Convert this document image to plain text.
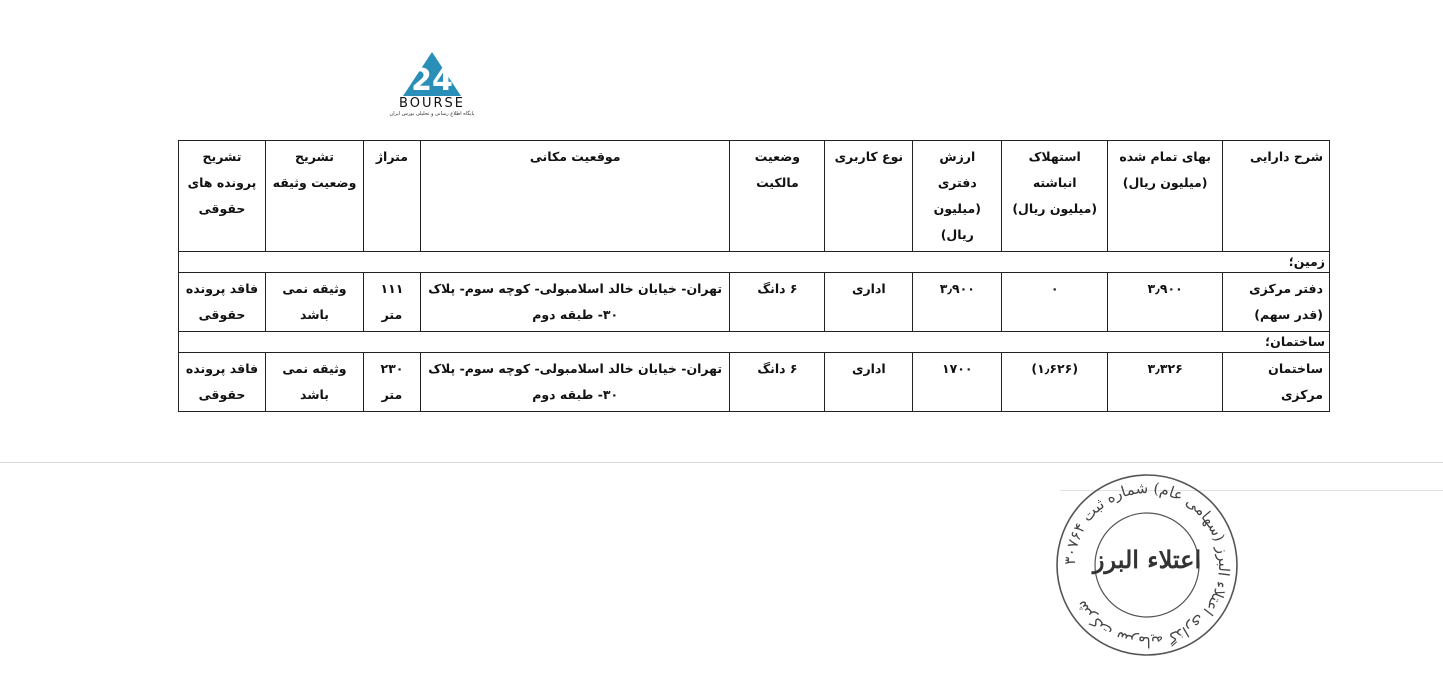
24
BOURSE
پایگاه اطلاع رسانی و تحلیلی بورس ایران
شرح دارایی	بهای تمام شده (میلیون ریال)	استهلاک انباشته (میلیون ریال)	ارزش دفتری (میلیون ریال)	نوع کاربری	وضعیت مالکیت	موقعیت مکانی	متراژ	تشریح وضعیت وثیقه	تشریح پرونده های حقوقی
زمین؛									
دفتر مرکزی (قدر سهم)	۳٫۹۰۰	۰	۳٫۹۰۰	اداری	۶ دانگ	تهران- خیابان خالد اسلامبولی- کوچه سوم- پلاک ۳۰- طبقه دوم	۱۱۱ متر	وثیقه نمی باشد	فاقد پرونده حقوقی
ساختمان؛									
ساختمان مرکزی	۳٫۳۲۶	(۱٫۶۲۶)	۱۷۰۰	اداری	۶ دانگ	تهران- خیابان خالد اسلامبولی- کوچه سوم- پلاک ۳۰- طبقه دوم	۲۳۰ متر	وثیقه نمی باشد	فاقد پرونده حقوقی
شرکت سرمایه گذاری اعتلاء البرز (سهامی عام) شماره ثبت ۳۰۷۶۴
اعتلاء البرز
